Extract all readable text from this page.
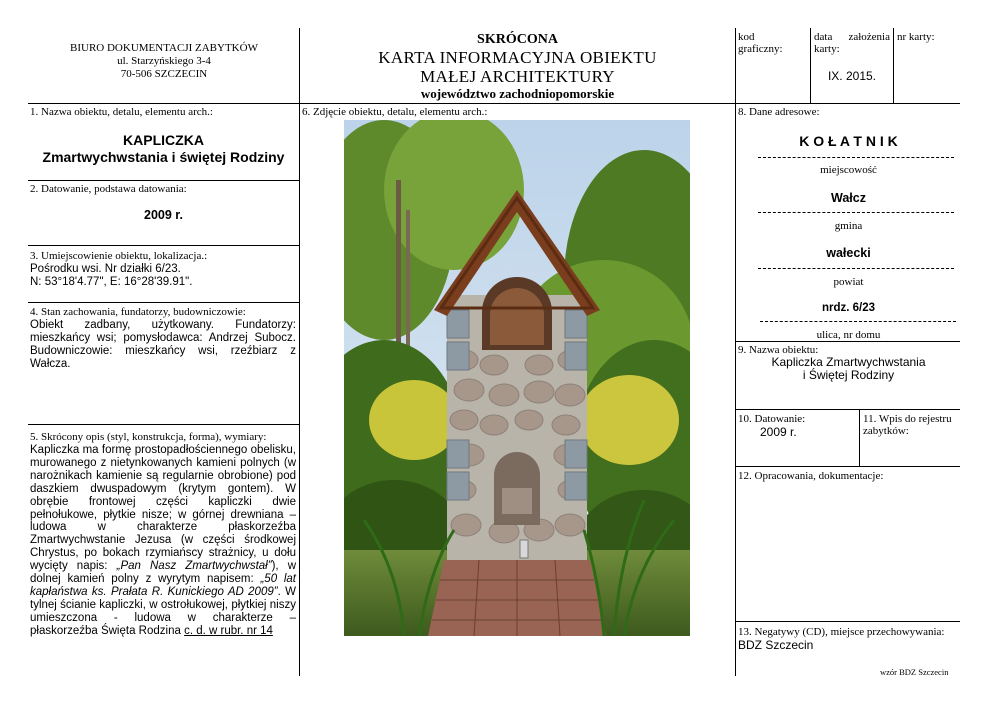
BIURO DOKUMENTACJI ZABYTKÓW
ul. Starzyńskiego 3-4
70-506 SZCZECIN
SKRÓCONA
KARTA INFORMACYJNA OBIEKTU
MAŁEJ ARCHITEKTURY
województwo zachodniopomorskie
kod graficzny:
data założenia karty:
IX. 2015.
nr karty:
1. Nazwa obiektu, detalu, elementu arch.:
KAPLICZKA
Zmartwychwstania i świętej Rodziny
2. Datowanie, podstawa datowania:
2009 r.
3. Umiejscowienie obiektu, lokalizacja.:
Pośrodku wsi. Nr działki 6/23.
N: 53°18'4.77", E: 16°28'39.91".
4. Stan zachowania, fundatorzy, budowniczowie:
Obiekt zadbany, użytkowany. Fundatorzy: mieszkańcy wsi; pomysłodawca: Andrzej Subocz. Budowniczowie: mieszkańcy wsi, rzeźbiarz z Wałcza.
5. Skrócony opis (styl, konstrukcja, forma), wymiary:
Kapliczka ma formę prostopadłościennego obelisku, murowanego z nietynkowanych kamieni polnych (w narożnikach kamienie są regularnie obrobione) pod daszkiem dwuspadowym (krytym gontem). W obrębie frontowej części kapliczki dwie pełnołukowe, płytkie nisze; w górnej drewniana – ludowa w charakterze płaskorzeźba Zmartwychwstanie Jezusa (w części środkowej Chrystus, po bokach rzymiańscy strażnicy, u dołu wycięty napis: „Pan Nasz Zmartwychwstał”), w dolnej kamień polny z wyrytym napisem: „50 lat kapłaństwa ks. Prałata R. Kunickiego AD 2009”. W tylnej ścianie kapliczki, w ostrołukowej, płytkiej niszy umieszczona - ludowa w charakterze – płaskorzeźba Święta Rodzina c. d. w rubr. nr 14
6. Zdjęcie obiektu, detalu, elementu arch.:	8. Dane adresowe:
K O Ł A T N I K
miejscowość
Wałcz
gmina
wałecki
powiat
nrdz. 6/23
ulica, nr domu
9. Nazwa obiektu:
Kapliczka Zmartwychwstania
i Świętej Rodziny
10. Datowanie:
2009 r.
11. Wpis do rejestru zabytków:
12. Opracowania, dokumentacje:
13. Negatywy (CD), miejsce przechowywania:
BDZ Szczecin
wzór BDZ Szczecin
